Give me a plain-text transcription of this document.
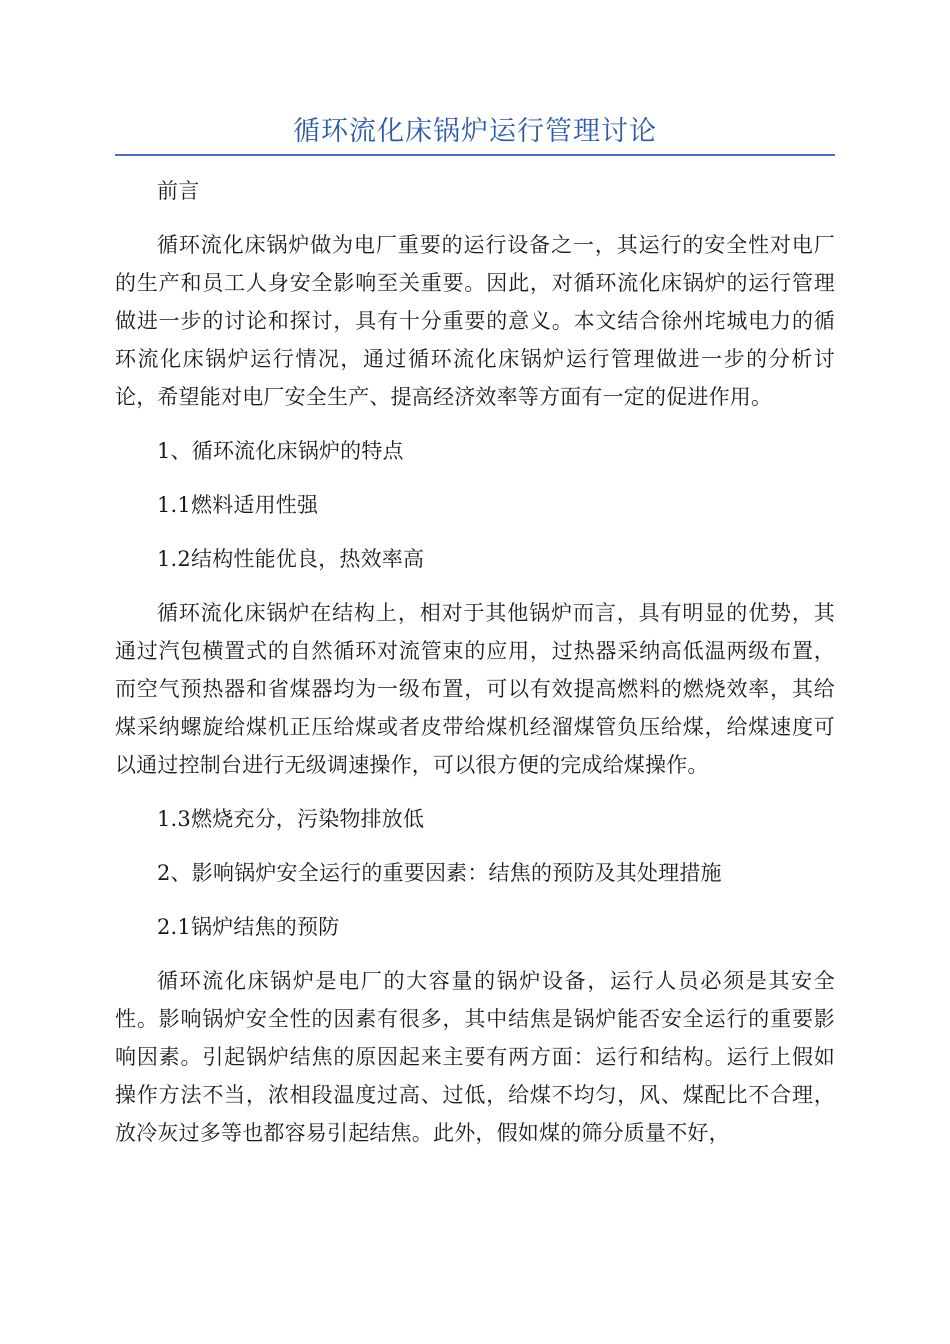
循环流化床锅炉运行管理讨论
前言
循环流化床锅炉做为电厂重要的运行设备之一，其运行的安全性对电厂的生产和员工人身安全影响至关重要。因此，对循环流化床锅炉的运行管理做进一步的讨论和探讨，具有十分重要的意义。本文结合徐州垞城电力的循环流化床锅炉运行情况，通过循环流化床锅炉运行管理做进一步的分析讨论，希望能对电厂安全生产、提高经济效率等方面有一定的促进作用。
1、循环流化床锅炉的特点
1.1燃料适用性强
1.2结构性能优良，热效率高
循环流化床锅炉在结构上，相对于其他锅炉而言，具有明显的优势，其通过汽包横置式的自然循环对流管束的应用，过热器采纳高低温两级布置，而空气预热器和省煤器均为一级布置，可以有效提高燃料的燃烧效率，其给煤采纳螺旋给煤机正压给煤或者皮带给煤机经溜煤管负压给煤，给煤速度可以通过控制台进行无级调速操作，可以很方便的完成给煤操作。
1.3燃烧充分，污染物排放低
2、影响锅炉安全运行的重要因素：结焦的预防及其处理措施
2.1锅炉结焦的预防
循环流化床锅炉是电厂的大容量的锅炉设备，运行人员必须是其安全性。影响锅炉安全性的因素有很多，其中结焦是锅炉能否安全运行的重要影响因素。引起锅炉结焦的原因起来主要有两方面：运行和结构。运行上假如操作方法不当，浓相段温度过高、过低，给煤不均匀，风、煤配比不合理，放冷灰过多等也都容易引起结焦。此外，假如煤的筛分质量不好，
